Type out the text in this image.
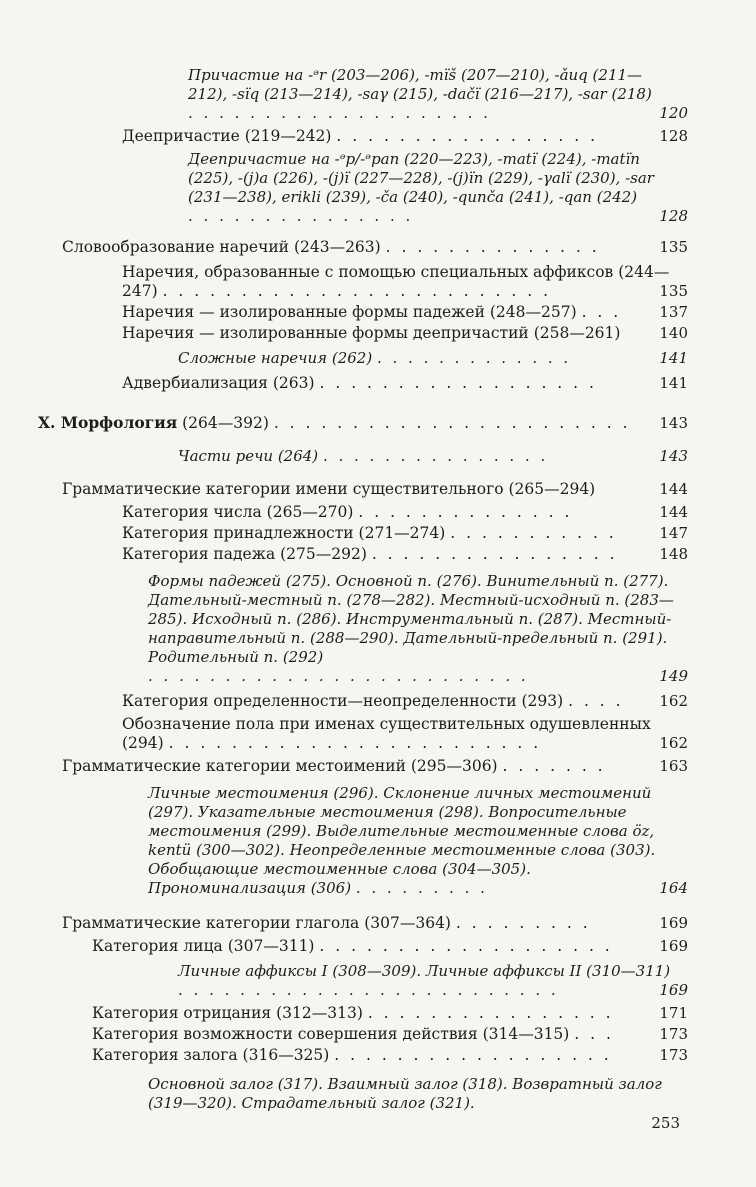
Причастие на -ᵊr (203—206), -mïš (207—210), -ǎuq (211—212), -sïq (213—214), -saγ (215), -dačï (216—217), -sar (218) . . . . . . . . . . . . . . . . . . . .	120
Деепричастие (219—242) . . . . . . . . . . . . . . . . .	128
Деепричастие на -ᵊp/-ᵊpan (220—223), -matï (224), -matïn (225), -(j)a (226), -(j)ï (227—228), -(j)ïn (229), -γalï (230), -sar (231—238), erikli (239), -ča (240), -qunča (241), -qan (242) . . . . . . . . . . . . . . .	128
Словообразование наречий (243—263) . . . . . . . . . . . . . .	135
Наречия, образованные с помощью специальных аффиксов (244—247) . . . . . . . . . . . . . . . . . . . . . . . . .	135
Наречия — изолированные формы падежей (248—257) . . .	137
Наречия — изолированные формы деепричастий (258—261)	140
Сложные наречия (262) . . . . . . . . . . . . .	141
Адвербиализация (263) . . . . . . . . . . . . . . . . . .	141
X. Морфология (264—392) . . . . . . . . . . . . . . . . . . . . . . . 143
Части речи (264) . . . . . . . . . . . . . . .	143
Грамматические категории имени существительного (265—294)	144
Категория числа (265—270) . . . . . . . . . . . . . .	144
Категория принадлежности (271—274) . . . . . . . . . . .	147
Категория падежа (275—292) . . . . . . . . . . . . . . . .	148
Формы падежей (275). Основной п. (276). Винительный п. (277). Дательный-местный п. (278—282). Местный-исходный п. (283—285). Исходный п. (286). Инструментальный п. (287). Местный-направительный п. (288—290). Дательный-предельный п. (291). Родительный п. (292) . . . . . . . . . . . . . . . . . . . . . . . . .	149
Категория определенности—неопределенности (293) . . . . 162
Обозначение пола при именах существительных одушевленных (294) . . . . . . . . . . . . . . . . . . . . . . . .	162
Грамматические категории местоимений (295—306) . . . . . . .	163
Личные местоимения (296). Склонение личных местоимений (297). Указательные местоимения (298). Вопросительные местоимения (299). Выделительные местоименные слова öz, kentü (300—302). Неопределенные местоименные слова (303). Обобщающие местоименные слова (304—305). Прономинализация (306) . . . . . . . . .	164
Грамматические категории глагола (307—364) . . . . . . . . .	169
Категория лица (307—311) . . . . . . . . . . . . . . . . . . .	169
Личные аффиксы I (308—309). Личные аффиксы II (310—311) . . . . . . . . . . . . . . . . . . . . . . . . .	169
Категория отрицания (312—313) . . . . . . . . . . . . . . . .	171
Категория возможности совершения действия (314—315) . . .	173
Категория залога (316—325) . . . . . . . . . . . . . . . . . .	173
Основной залог (317). Взаимный залог (318). Возвратный залог (319—320). Страдательный залог (321).
253
